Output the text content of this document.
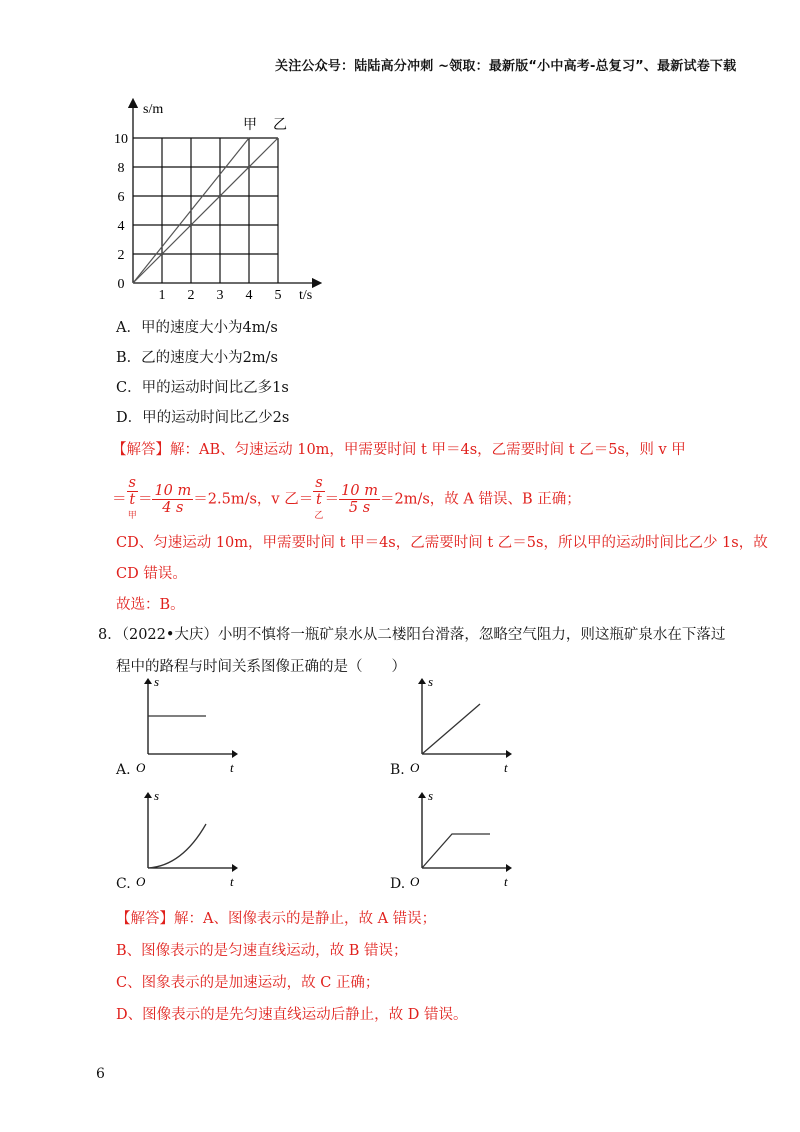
关注公众号：陆陆高分冲刺 ~领取：最新版“小中高考-总复习”、最新试卷下载
s/m
t/s
0
2
4
6
8
10
1 2 3 4 5
甲 乙
A．甲的速度大小为4m/s
B．乙的速度大小为2m/s
C．甲的运动时间比乙多1s
D．甲的运动时间比乙少2s
【解答】解：AB、匀速运动 10m，甲需要时间 t 甲＝4s，乙需要时间 t 乙＝5s，则 v 甲
＝ s
t
甲 ＝ $\frac{10 m}{4 s} =2.5m/s$，v 乙＝ s
t
乙 ＝ $\frac{10 m}{5 s} =2m/s$，故 A 错误、B 正确；
CD、匀速运动 10m，甲需要时间 t 甲＝4s，乙需要时间 t 乙＝5s，所以甲的运动时间比乙少 1s，故
CD 错误。
故选：B。
8．（2022•大庆）小明不慎将一瓶矿泉水从二楼阳台滑落，忽略空气阻力，则这瓶矿泉水在下落过
程中的路程与时间关系图像正确的是（　　）
A.
s
t
O	B.
s
t
O
C.
s
t
O	D.
s
t
O
【解答】解：A、图像表示的是静止，故 A 错误；
B、图像表示的是匀速直线运动，故 B 错误；
C、图象表示的是加速运动，故 C 正确；
D、图像表示的是先匀速直线运动后静止，故 D 错误。
6
